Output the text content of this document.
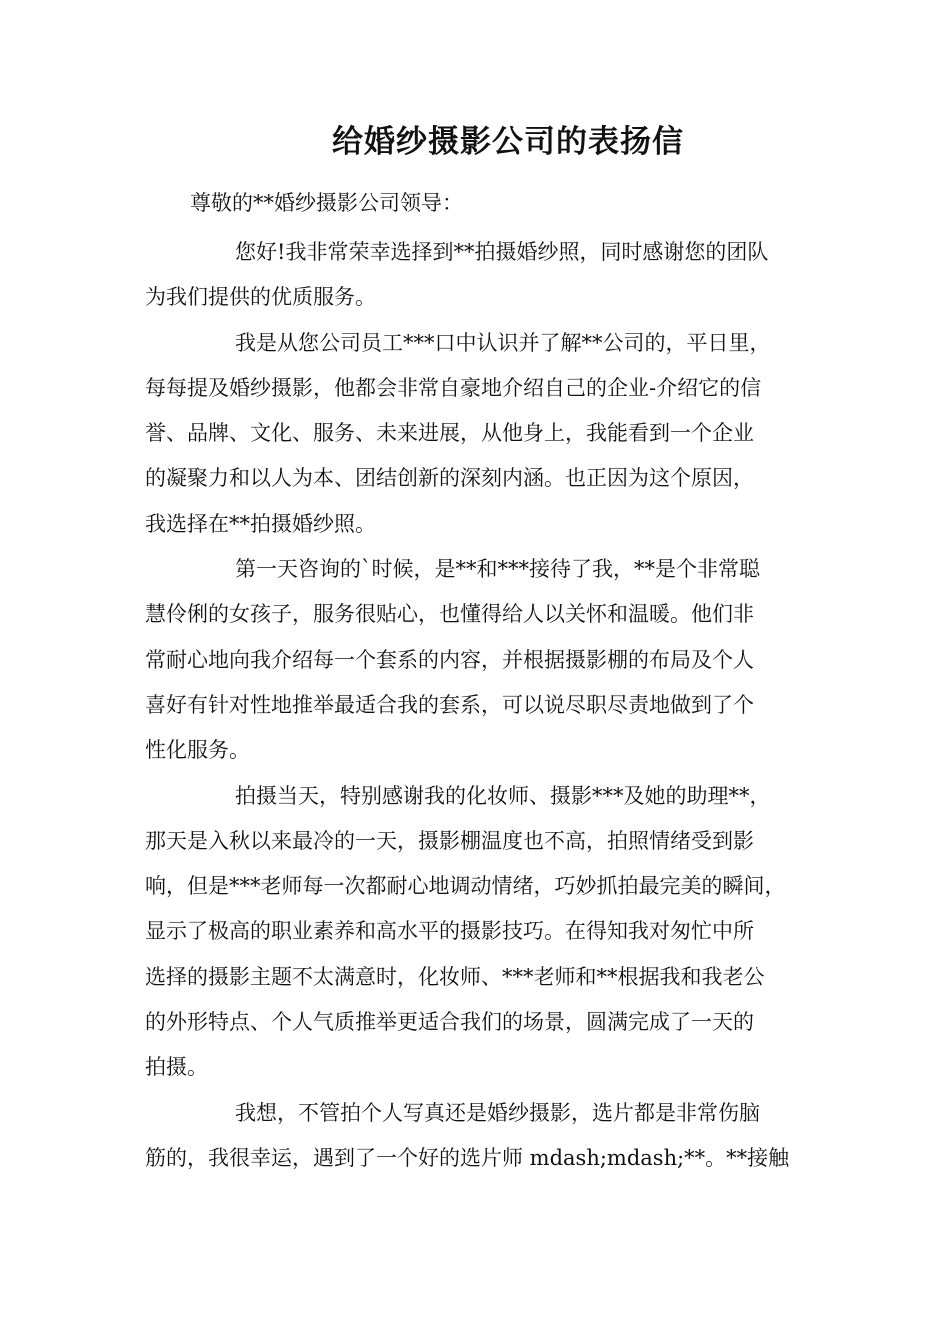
给婚纱摄影公司的表扬信
尊敬的**婚纱摄影公司领导：

您好!我非常荣幸选择到**拍摄婚纱照，同时感谢您的团队
为我们提供的优质服务。

我是从您公司员工***口中认识并了解**公司的，平日里，
每每提及婚纱摄影，他都会非常自豪地介绍自己的企业-介绍它的信
誉、品牌、文化、服务、未来进展，从他身上，我能看到一个企业
的凝聚力和以人为本、团结创新的深刻内涵。也正因为这个原因，
我选择在**拍摄婚纱照。

第一天咨询的`时候，是**和***接待了我，**是个非常聪
慧伶俐的女孩子，服务很贴心，也懂得给人以关怀和温暖。他们非
常耐心地向我介绍每一个套系的内容，并根据摄影棚的布局及个人
喜好有针对性地推举最适合我的套系，可以说尽职尽责地做到了个
性化服务。

拍摄当天，特别感谢我的化妆师、摄影***及她的助理**，
那天是入秋以来最冷的一天，摄影棚温度也不高，拍照情绪受到影
响，但是***老师每一次都耐心地调动情绪，巧妙抓拍最完美的瞬间，
显示了极高的职业素养和高水平的摄影技巧。在得知我对匆忙中所
选择的摄影主题不太满意时，化妆师、***老师和**根据我和我老公
的外形特点、个人气质推举更适合我们的场景，圆满完成了一天的
拍摄。

我想，不管拍个人写真还是婚纱摄影，选片都是非常伤脑
筋的，我很幸运，遇到了一个好的选片师 mdash;mdash;**。**接触
